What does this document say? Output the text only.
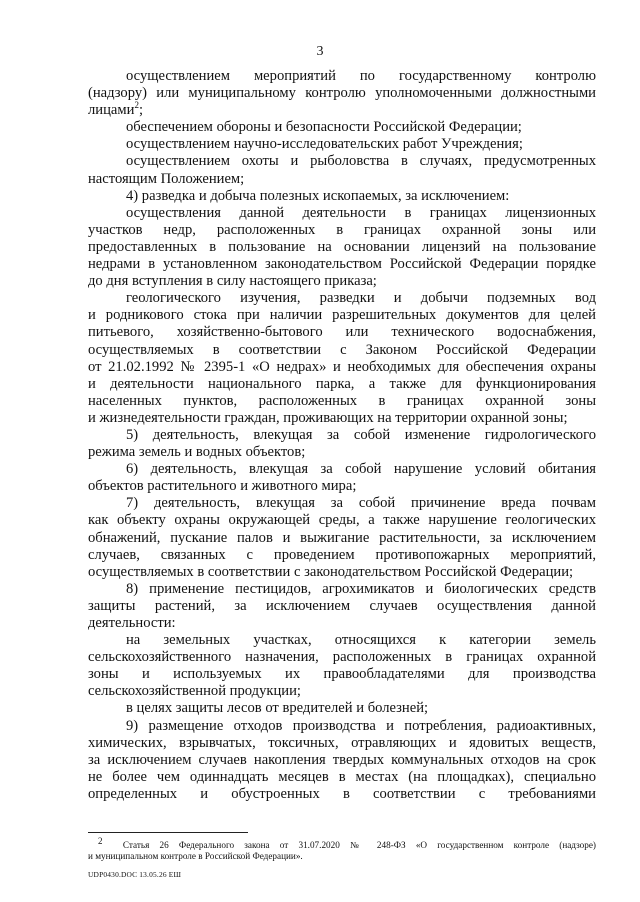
3

осуществлением мероприятий по государственному контролю

(надзору) или муниципальному контролю уполномоченными должностными

лицами$^2$;

обеспечением обороны и безопасности Российской Федерации;

осуществлением научно-исследовательских работ Учреждения;

осуществлением охоты и рыболовства в случаях, предусмотренных

настоящим Положением;

4) разведка и добыча полезных ископаемых, за исключением:

осуществления данной деятельности в границах лицензионных

участков недр, расположенных в границах охранной зоны или

предоставленных в пользование на основании лицензий на пользование

недрами в установленном законодательством Российской Федерации порядке

до дня вступления в силу настоящего приказа;

геологического изучения, разведки и добычи подземных вод

и родникового стока при наличии разрешительных документов для целей

питьевого, хозяйственно-бытового или технического водоснабжения,

осуществляемых в соответствии с Законом Российской Федерации

от 21.02.1992 № 2395-1 «О недрах» и необходимых для обеспечения охраны

и деятельности национального парка, а также для функционирования

населенных пунктов, расположенных в границах охранной зоны

и жизнедеятельности граждан, проживающих на территории охранной зоны;

5) деятельность, влекущая за собой изменение гидрологического

режима земель и водных объектов;

6) деятельность, влекущая за собой нарушение условий обитания

объектов растительного и животного мира;

7) деятельность, влекущая за собой причинение вреда почвам

как объекту охраны окружающей среды, а также нарушение геологических

обнажений, пускание палов и выжигание растительности, за исключением

случаев, связанных с проведением противопожарных мероприятий,

осуществляемых в соответствии с законодательством Российской Федерации;

8) применение пестицидов, агрохимикатов и биологических средств

защиты растений, за исключением случаев осуществления данной

деятельности:

на земельных участках, относящихся к категории земель

сельскохозяйственного назначения, расположенных в границах охранной

зоны и используемых их правообладателями для производства

сельскохозяйственной продукции;

в целях защиты лесов от вредителей и болезней;

9) размещение отходов производства и потребления, радиоактивных,

химических, взрывчатых, токсичных, отравляющих и ядовитых веществ,

за исключением случаев накопления твердых коммунальных отходов на срок

не более чем одиннадцать месяцев в местах (на площадках), специально

определенных и обустроенных в соответствии с требованиями

$^2$ Статья 26 Федерального закона от 31.07.2020 № 248-ФЗ «О государственном контроле (надзоре)

и муниципальном контроле в Российской Федерации».

UDP0430.DOC 13.05.26 ЕШ
